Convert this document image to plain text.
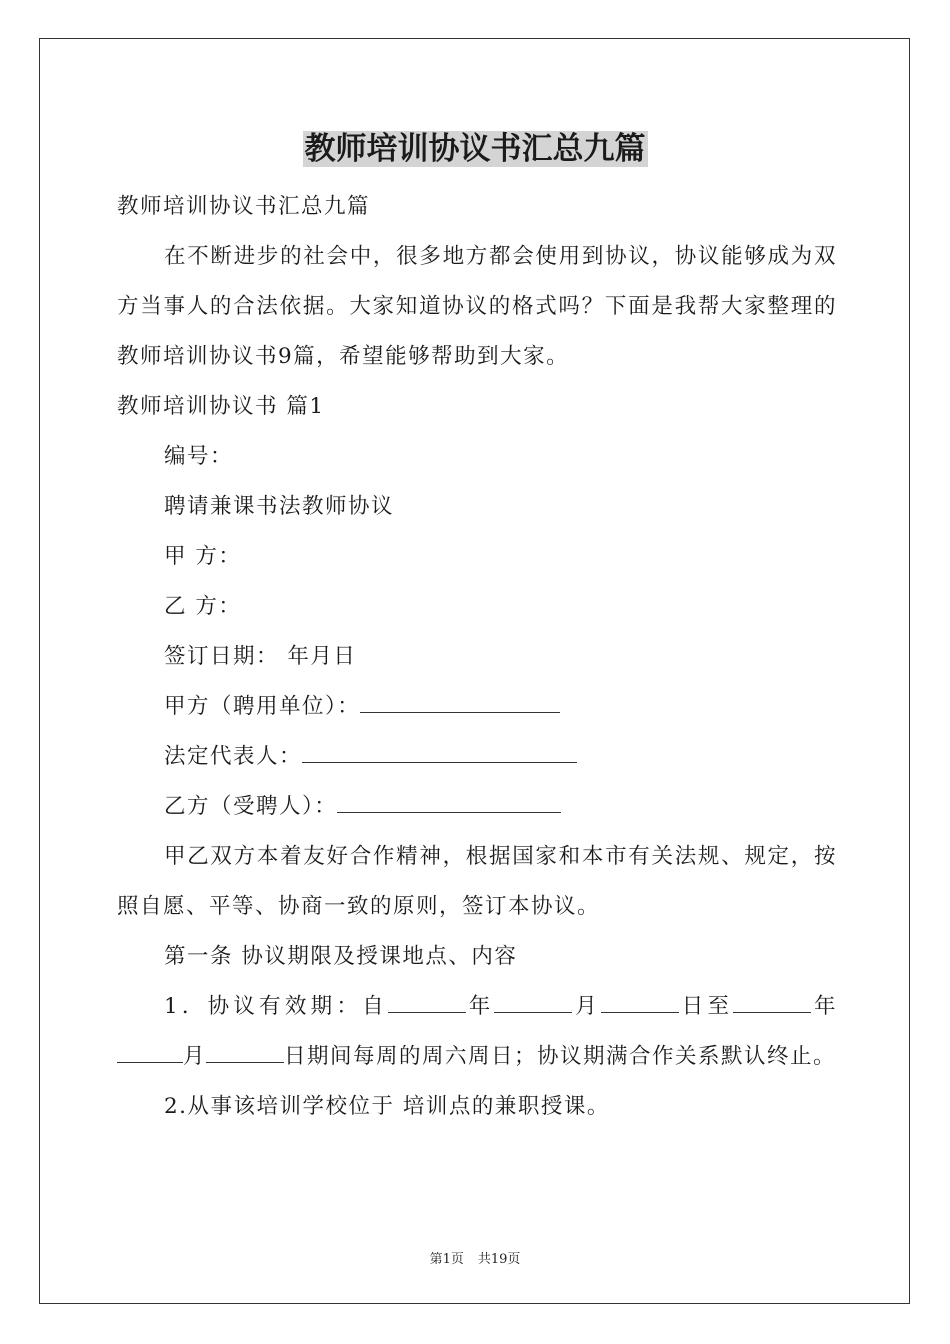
教师培训协议书汇总九篇

教师培训协议书汇总九篇

在不断进步的社会中，很多地方都会使用到协议，协议能够成为双方当事人的合法依据。大家知道协议的格式吗？下面是我帮大家整理的教师培训协议书9篇，希望能够帮助到大家。

教师培训协议书 篇1

编号：

聘请兼课书法教师协议

甲 方：

乙 方：

签订日期： 年月日

甲方（聘用单位）：

法定代表人：

乙方（受聘人）：

甲乙双方本着友好合作精神，根据国家和本市有关法规、规定，按照自愿、平等、协商一致的原则，签订本协议。

第一条 协议期限及授课地点、内容

1．协议有效期：自	年	月	日至	年月	日期间每周的周六周日；协议期满合作关系默认终止。

2.从事该培训学校位于 培训点的兼职授课。

第1页 共19页
